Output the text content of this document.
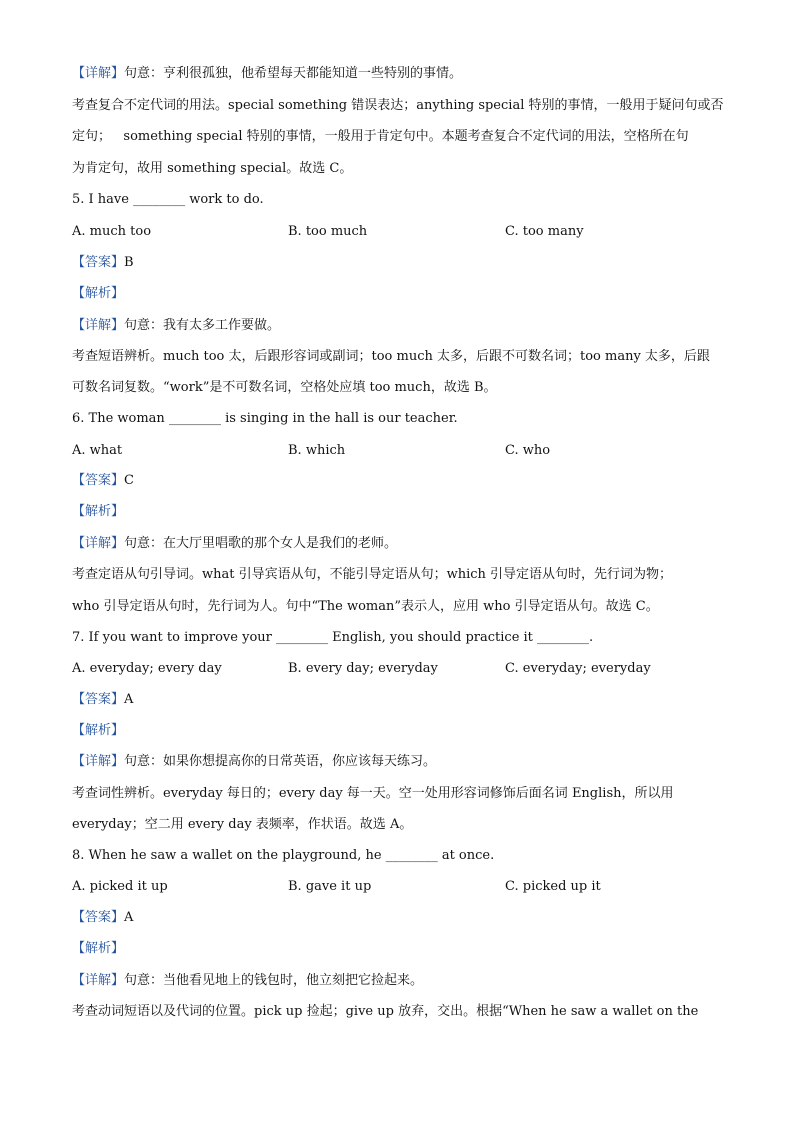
【详解】句意：亨利很孤独，他希望每天都能知道一些特别的事情。
考查复合不定代词的用法。special something 错误表达；anything special 特别的事情，一般用于疑问句或否
定句；   something special 特别的事情，一般用于肯定句中。本题考查复合不定代词的用法，空格所在句
为肯定句，故用 something special。故选 C。
5. I have ________ work to do.
A. much too	B. too much	C. too many
【答案】B
【解析】
【详解】句意：我有太多工作要做。
考查短语辨析。much too 太，后跟形容词或副词；too much 太多，后跟不可数名词；too many 太多，后跟
可数名词复数。“work”是不可数名词，空格处应填 too much，故选 B。
6. The woman ________ is singing in the hall is our teacher.
A. what	B. which	C. who
【答案】C
【解析】
【详解】句意：在大厅里唱歌的那个女人是我们的老师。
考查定语从句引导词。what 引导宾语从句，不能引导定语从句；which 引导定语从句时，先行词为物；
who 引导定语从句时，先行词为人。句中“The woman”表示人，应用 who 引导定语从句。故选 C。
7. If you want to improve your ________ English, you should practice it ________.
A. everyday; every day	B. every day; everyday	C. everyday; everyday
【答案】A
【解析】
【详解】句意：如果你想提高你的日常英语，你应该每天练习。
考查词性辨析。everyday 每日的；every day 每一天。空一处用形容词修饰后面名词 English，所以用
everyday；空二用 every day 表频率，作状语。故选 A。
8. When he saw a wallet on the playground, he ________ at once.
A. picked it up	B. gave it up	C. picked up it
【答案】A
【解析】
【详解】句意：当他看见地上的钱包时，他立刻把它捡起来。
考查动词短语以及代词的位置。pick up 捡起；give up 放弃，交出。根据“When he saw a wallet on the
